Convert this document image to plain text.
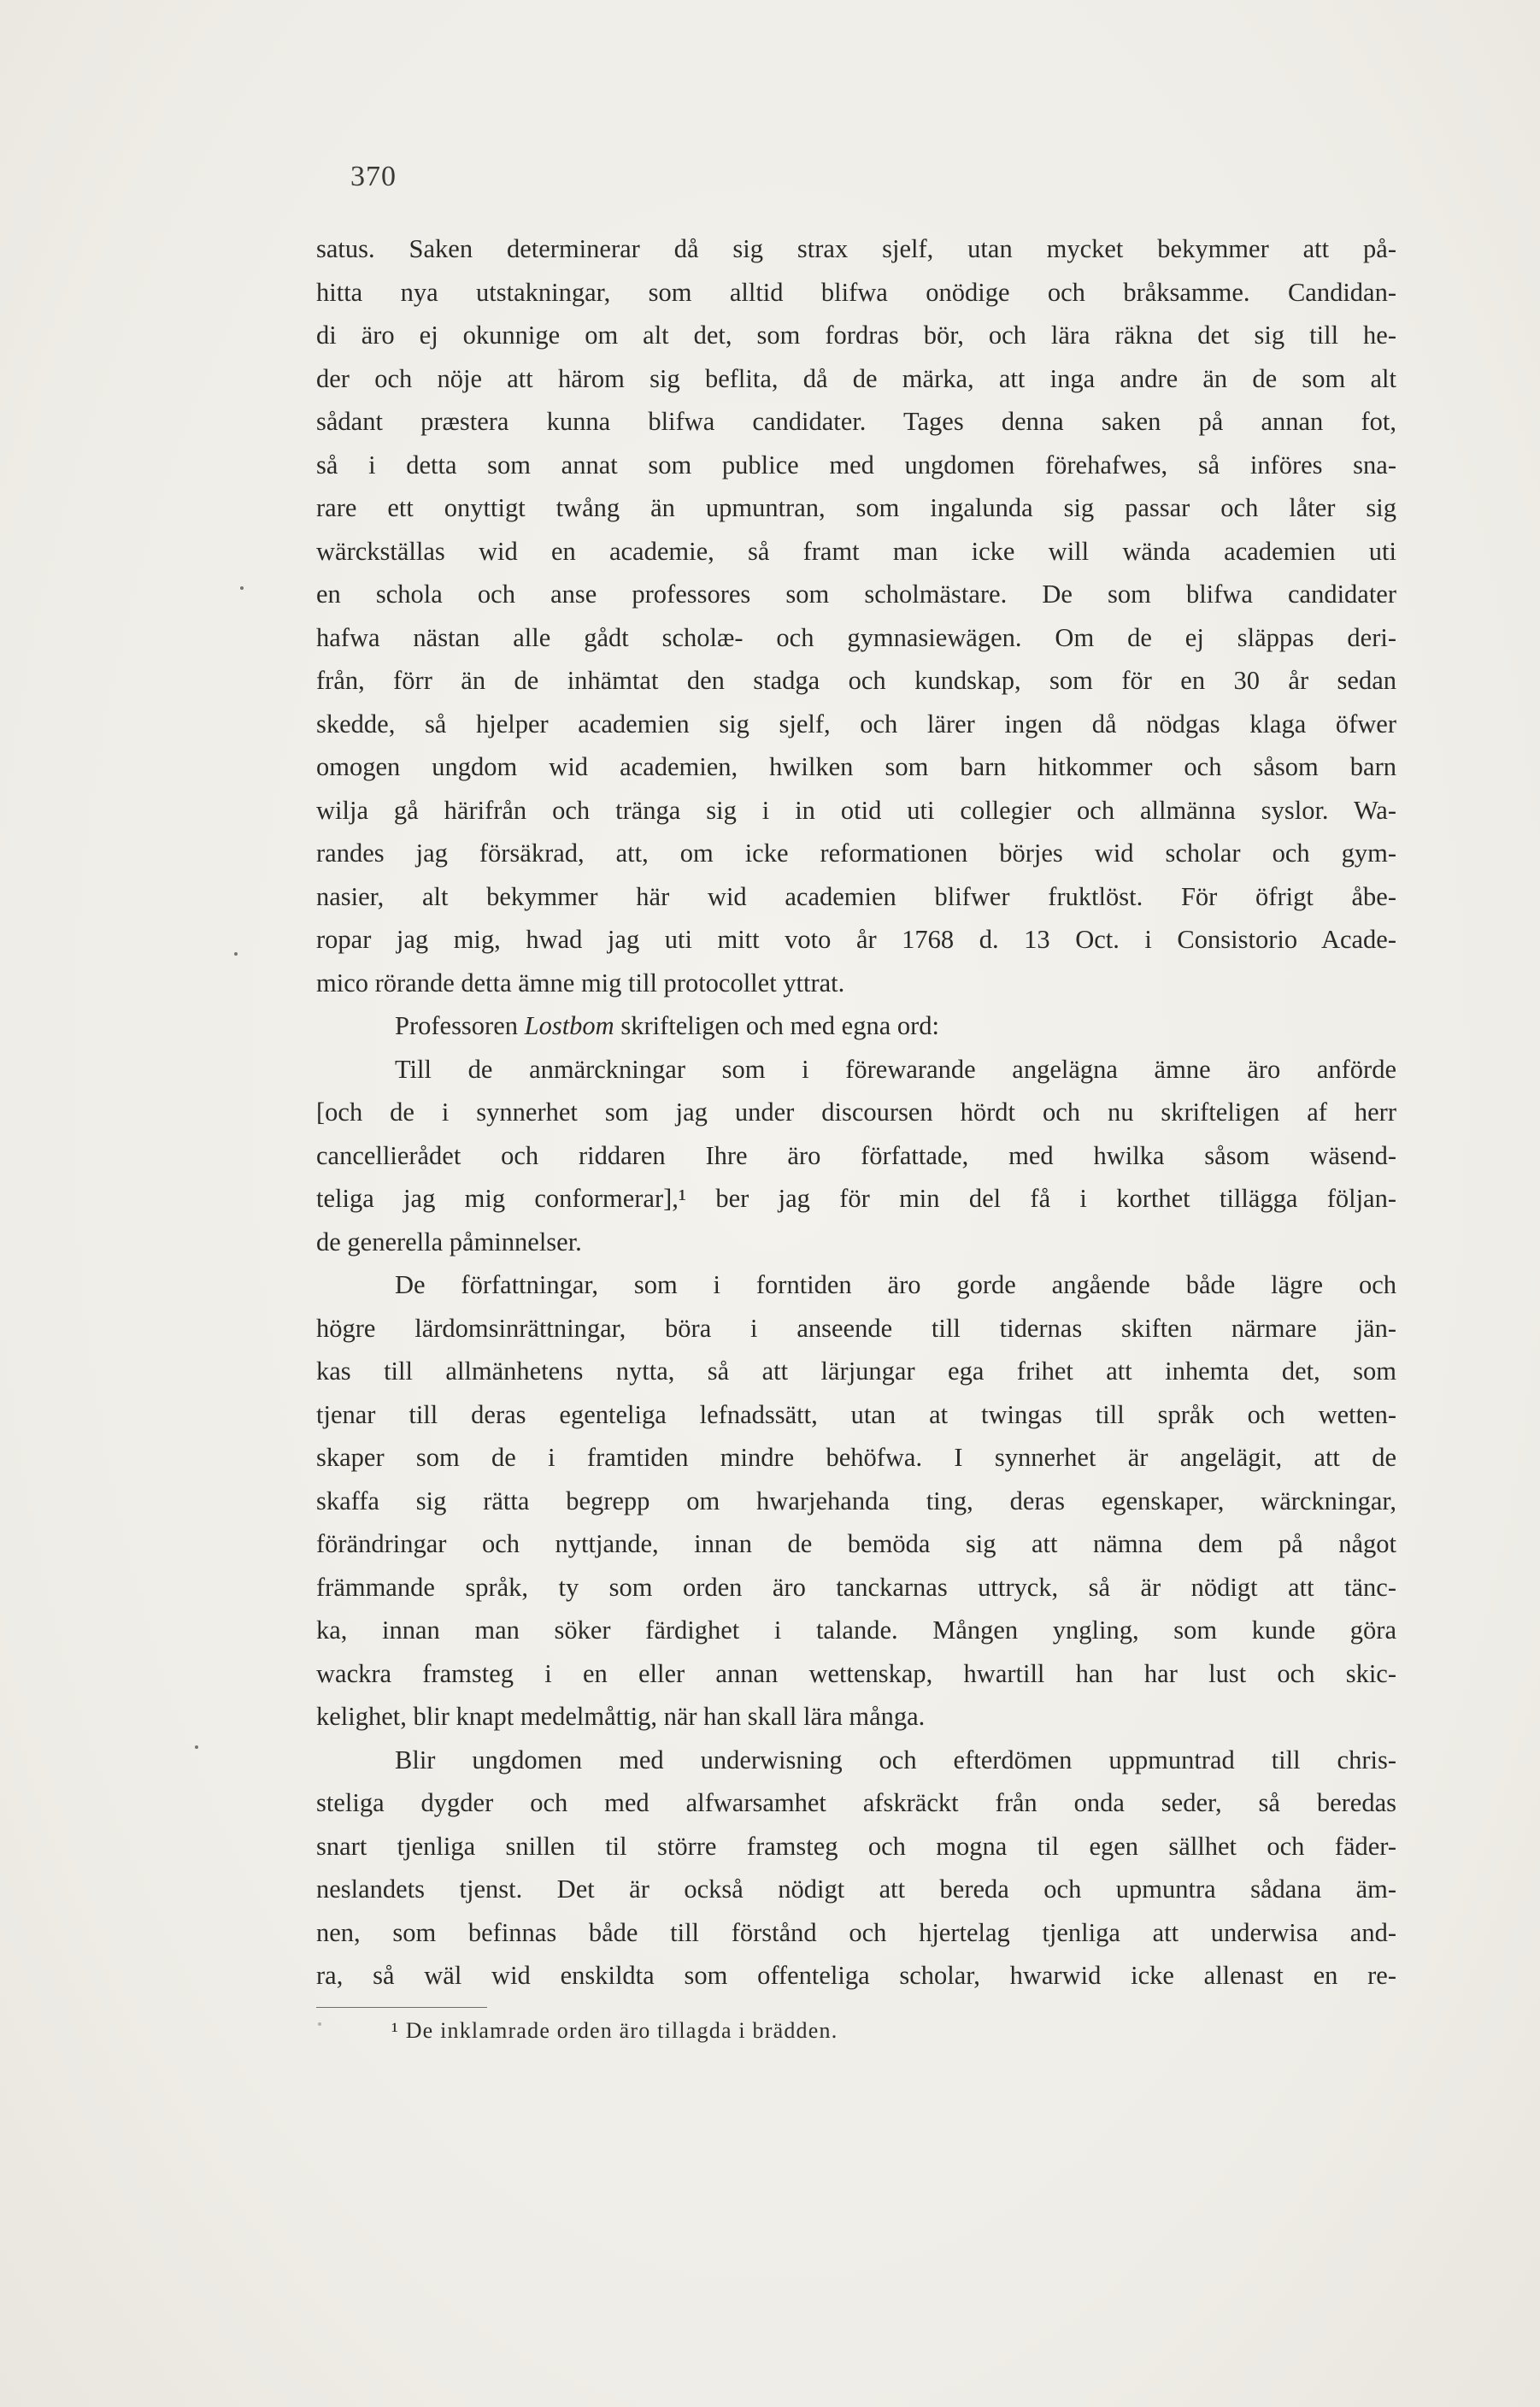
370
satus. Saken determinerar då sig strax sjelf, utan mycket bekymmer att på-
hitta nya utstakningar, som alltid blifwa onödige och bråksamme. Candidan-
di äro ej okunnige om alt det, som fordras bör, och lära räkna det sig till he-
der och nöje att härom sig beflita, då de märka, att inga andre än de som alt
sådant præstera kunna blifwa candidater. Tages denna saken på annan fot,
så i detta som annat som publice med ungdomen förehafwes, så införes sna-
rare ett onyttigt twång än upmuntran, som ingalunda sig passar och låter sig
wärckställas wid en academie, så framt man icke will wända academien uti
en schola och anse professores som scholmästare. De som blifwa candidater
hafwa nästan alle gådt scholæ- och gymnasiewägen. Om de ej släppas deri-
från, förr än de inhämtat den stadga och kundskap, som för en 30 år sedan
skedde, så hjelper academien sig sjelf, och lärer ingen då nödgas klaga öfwer
omogen ungdom wid academien, hwilken som barn hitkommer och såsom barn
wilja gå härifrån och tränga sig i in otid uti collegier och allmänna syslor. Wa-
randes jag försäkrad, att, om icke reformationen börjes wid scholar och gym-
nasier, alt bekymmer här wid academien blifwer fruktlöst. För öfrigt åbe-
ropar jag mig, hwad jag uti mitt voto år 1768 d. 13 Oct. i Consistorio Acade-
mico rörande detta ämne mig till protocollet yttrat.
Professoren Lostbom skrifteligen och med egna ord:
Till de anmärckningar som i förewarande angelägna ämne äro anförde
[och de i synnerhet som jag under discoursen hördt och nu skrifteligen af herr
cancellierådet och riddaren Ihre äro författade, med hwilka såsom wäsend-
teliga jag mig conformerar],¹ ber jag för min del få i korthet tillägga följan-
de generella påminnelser.
De författningar, som i forntiden äro gorde angående både lägre och
högre lärdomsinrättningar, böra i anseende till tidernas skiften närmare jän-
kas till allmänhetens nytta, så att lärjungar ega frihet att inhemta det, som
tjenar till deras egenteliga lefnadssätt, utan at twingas till språk och wetten-
skaper som de i framtiden mindre behöfwa. I synnerhet är angelägit, att de
skaffa sig rätta begrepp om hwarjehanda ting, deras egenskaper, wärckningar,
förändringar och nyttjande, innan de bemöda sig att nämna dem på något
främmande språk, ty som orden äro tanckarnas uttryck, så är nödigt att tänc-
ka, innan man söker färdighet i talande. Mången yngling, som kunde göra
wackra framsteg i en eller annan wettenskap, hwartill han har lust och skic-
kelighet, blir knapt medelmåttig, när han skall lära många.
Blir ungdomen med underwisning och efterdömen uppmuntrad till chris-
steliga dygder och med alfwarsamhet afskräckt från onda seder, så beredas
snart tjenliga snillen til större framsteg och mogna til egen sällhet och fäder-
neslandets tjenst. Det är också nödigt att bereda och upmuntra sådana äm-
nen, som befinnas både till förstånd och hjertelag tjenliga att underwisa and-
ra, så wäl wid enskildta som offenteliga scholar, hwarwid icke allenast en re-
¹ De inklamrade orden äro tillagda i brädden.
